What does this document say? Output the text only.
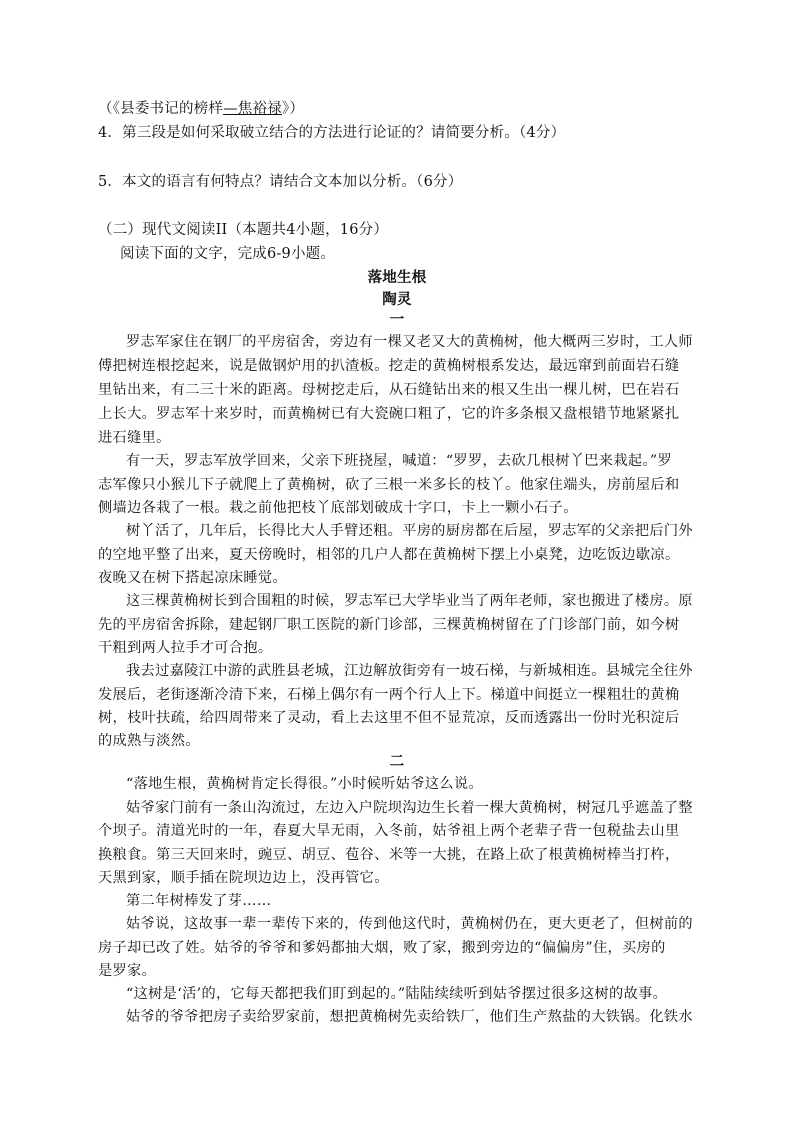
（《县委书记的榜样—焦裕禄》）
4．第三段是如何采取破立结合的方法进行论证的？请简要分析。（4分）
5．本文的语言有何特点？请结合文本加以分析。（6分）
（二）现代文阅读II（本题共4小题，16分）
阅读下面的文字，完成6-9小题。
落地生根
陶灵
一
罗志军家住在钢厂的平房宿舍，旁边有一棵又老又大的黄桷树，他大概两三岁时，工人师
傅把树连根挖起来，说是做钢炉用的扒渣板。挖走的黄桷树根系发达，最远窜到前面岩石缝
里钻出来，有二三十米的距离。母树挖走后，从石缝钻出来的根又生出一棵儿树，巴在岩石
上长大。罗志军十来岁时，而黄桷树已有大瓷碗口粗了，它的许多条根又盘根错节地紧紧扎
进石缝里。
有一天，罗志军放学回来，父亲下班挠屋，喊道：“罗罗，去砍几根树丫巴来栽起。”罗
志军像只小猴儿下子就爬上了黄桷树，砍了三根一米多长的枝丫。他家住端头，房前屋后和
侧墙边各栽了一根。栽之前他把枝丫底部划破成十字口，卡上一颗小石子。
树丫活了，几年后，长得比大人手臂还粗。平房的厨房都在后屋，罗志军的父亲把后门外
的空地平整了出来，夏天傍晚时，相邻的几户人都在黄桷树下摆上小桌凳，边吃饭边歇凉。
夜晚又在树下搭起凉床睡觉。
这三棵黄桷树长到合围粗的时候，罗志军已大学毕业当了两年老师，家也搬进了楼房。原
先的平房宿舍拆除，建起钢厂职工医院的新门诊部，三棵黄桷树留在了门诊部门前，如今树
干粗到两人拉手才可合抱。
我去过嘉陵江中游的武胜县老城，江边解放街旁有一坡石梯，与新城相连。县城完全往外
发展后，老街逐渐冷清下来，石梯上偶尔有一两个行人上下。梯道中间挺立一棵粗壮的黄桷
树，枝叶扶疏，给四周带来了灵动，看上去这里不但不显荒凉，反而透露出一份时光积淀后
的成熟与淡然。
二
“落地生根，黄桷树肯定长得很。”小时候听姑爷这么说。
姑爷家门前有一条山沟流过，左边入户院坝沟边生长着一棵大黄桷树，树冠几乎遮盖了整
个坝子。清道光时的一年，春夏大旱无雨，入冬前，姑爷祖上两个老辈子背一包税盐去山里
换粮食。第三天回来时，豌豆、胡豆、苞谷、米等一大挑，在路上砍了根黄桷树棒当打杵，
天黑到家，顺手插在院坝边边上，没再管它。
第二年树棒发了芽……
姑爷说，这故事一辈一辈传下来的，传到他这代时，黄桷树仍在，更大更老了，但树前的
房子却已改了姓。姑爷的爷爷和爹妈都抽大烟，败了家，搬到旁边的“偏偏房”住，买房的
是罗家。
“这树是‘活’的，它每天都把我们盯到起的。”陆陆续续听到姑爷摆过很多这树的故事。
姑爷的爷爷把房子卖给罗家前，想把黄桷树先卖给铁厂，他们生产熬盐的大铁锅。化铁水
